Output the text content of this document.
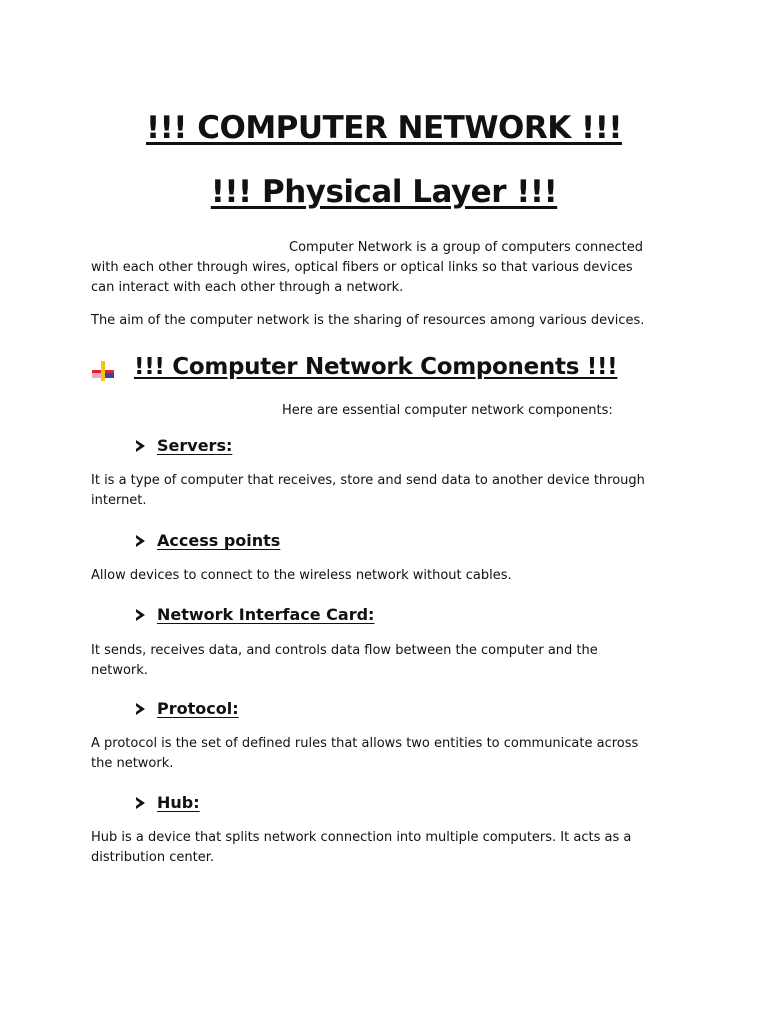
!!! COMPUTER NETWORK !!!
!!! Physical Layer !!!

Computer Network is a group of computers connected
with each other through wires, optical fibers or optical links so that various devices
can interact with each other through a network.

The aim of the computer network is the sharing of resources among various devices.

!!! Computer Network Components !!!

Here are essential computer network components:

Servers:

It is a type of computer that receives, store and send data to another device through
internet.

Access points

Allow devices to connect to the wireless network without cables.

Network Interface Card:

It sends, receives data, and controls data flow between the computer and the
network.

Protocol:

A protocol is the set of defined rules that allows two entities to communicate across
the network.

Hub:

Hub is a device that splits network connection into multiple computers. It acts as a
distribution center.
